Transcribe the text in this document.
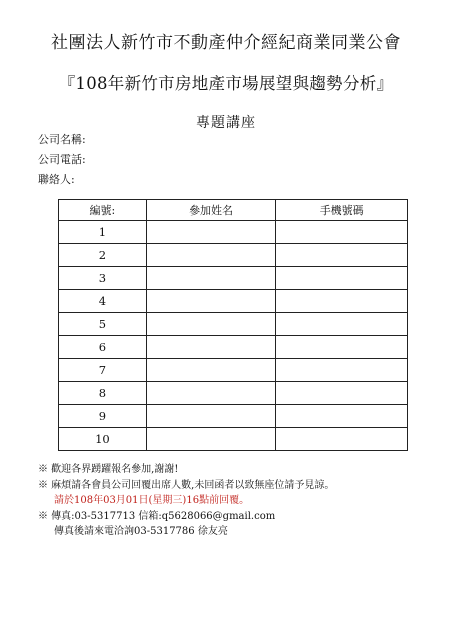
社團法人新竹市不動產仲介經紀商業同業公會
『108年新竹市房地產市場展望與趨勢分析』
專題講座
公司名稱:
公司電話:
聯絡人:
編號:	參加姓名	手機號碼
1		
2		
3		
4		
5		
6		
7		
8		
9		
10		
※ 歡迎各界踴躍報名參加,謝謝!
※ 麻煩請各會員公司回覆出席人數,未回函者以致無座位請予見諒。
請於108年03月01日(星期三)16點前回覆。
※ 傳真:03-5317713 信箱:q5628066@gmail.com
傳真後請來電洽詢03-5317786 徐友亮
